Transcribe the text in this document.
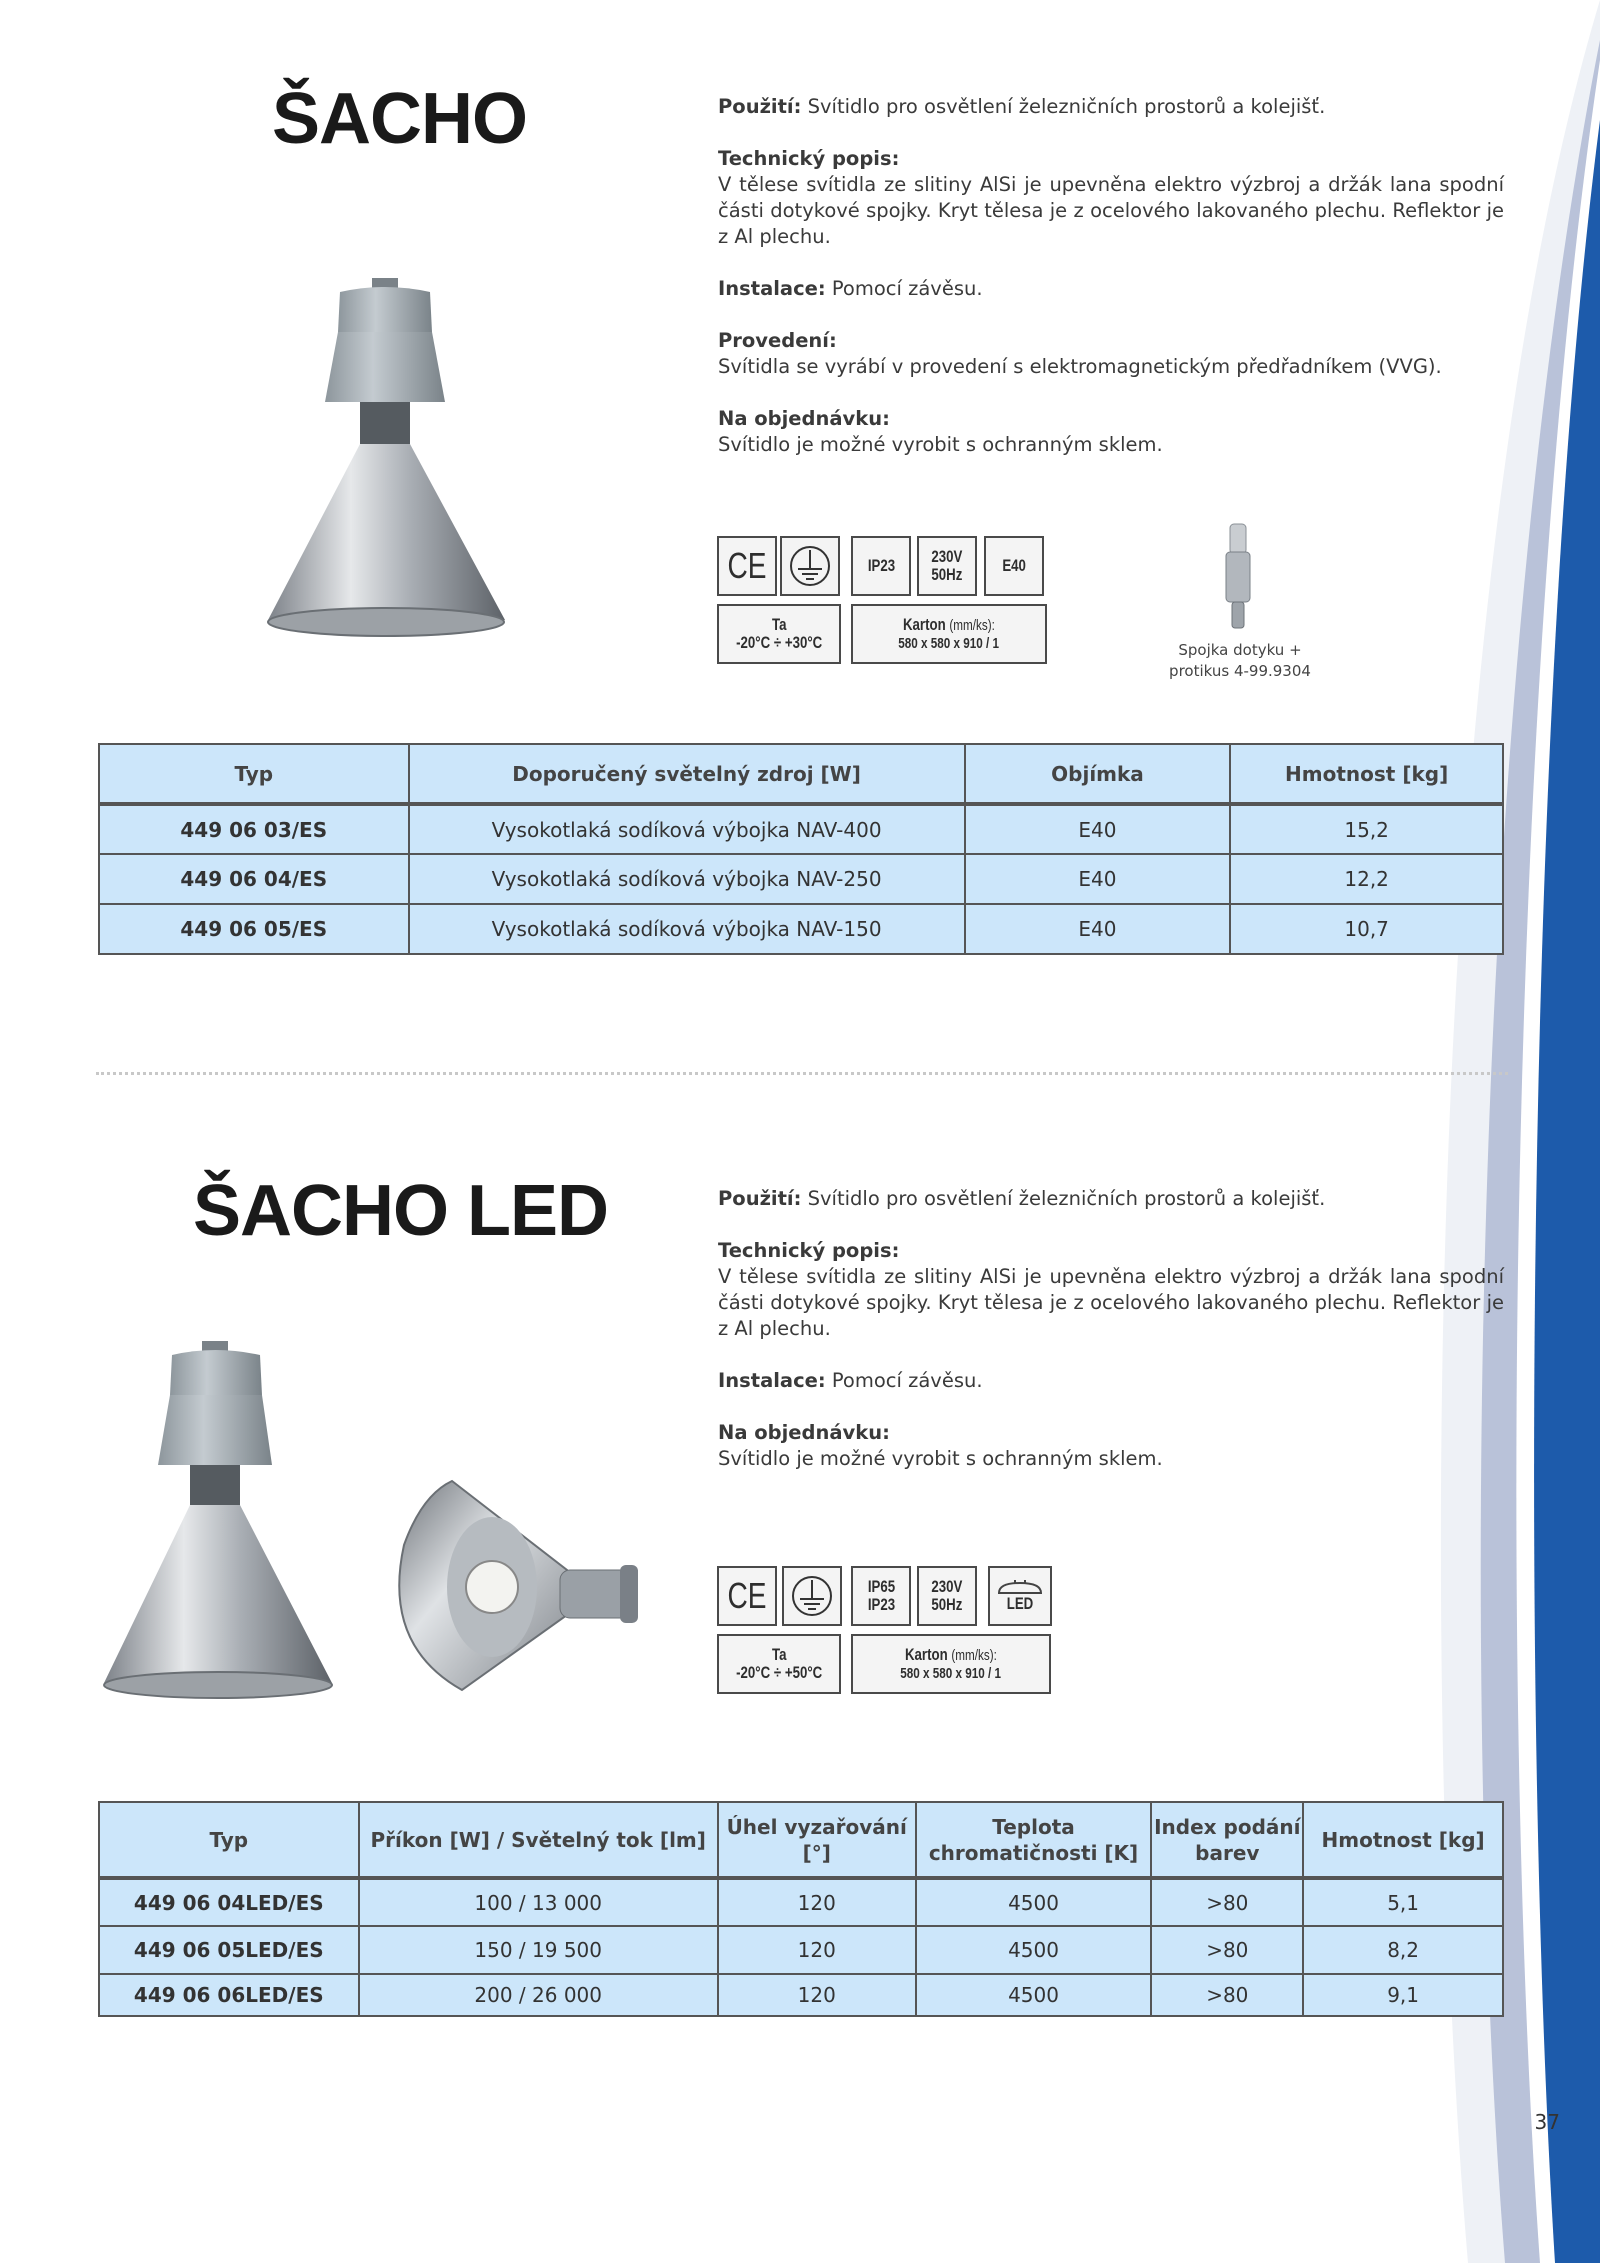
ŠACHO	Použití: Svítidlo pro osvětlení železničních prostorů a kolejišť.

Technický popis:
V tělese svítidla ze slitiny AlSi je upevněna elektro výzbroj a držák lana spodní části dotykové spojky. Kryt tělesa je z ocelového lakovaného plechu. Reflektor je z Al plechu.

Instalace: Pomocí závěsu.

Provedení:
Svítidla se vyrábí v provedení s elektromagnetickým předřadníkem (VVG).

Na objednávku:
Svítidlo je možné vyrobit s ochranným sklem.

CE	IP23 230V
50Hz E40
Ta
-20°C ÷ +30°C
Karton (mm/ks):
580 x 580 x 910 / 1	Spojka dotyku +
protikus 4-99.9304
Typ	Doporučený světelný zdroj [W]	Objímka	Hmotnost [kg]
449 06 03/ES	Vysokotlaká sodíková výbojka NAV-400	E40	15,2
449 06 04/ES	Vysokotlaká sodíková výbojka NAV-250	E40	12,2
449 06 05/ES	Vysokotlaká sodíková výbojka NAV-150	E40	10,7
ŠACHO LED	Použití: Svítidlo pro osvětlení železničních prostorů a kolejišť.

Technický popis:
V tělese svítidla ze slitiny AlSi je upevněna elektro výzbroj a držák lana spodní části dotykové spojky. Kryt tělesa je z ocelového lakovaného plechu. Reflektor je z Al plechu.

Instalace: Pomocí závěsu.

Na objednávku:
Svítidlo je možné vyrobit s ochranným sklem.

CE	IP65
IP23
230V
50Hz	LED
Ta
-20°C ÷ +50°C
Karton (mm/ks):
580 x 580 x 910 / 1
Typ	Příkon [W] / Světelný tok [lm]	Úhel vyzařování [°]	Teplota chromatičnosti [K]	Index podání barev	Hmotnost [kg]
449 06 04LED/ES	100 / 13 000	120	4500	>80	5,1
449 06 05LED/ES	150 / 19 500	120	4500	>80	8,2
449 06 06LED/ES	200 / 26 000	120	4500	>80	9,1
37
